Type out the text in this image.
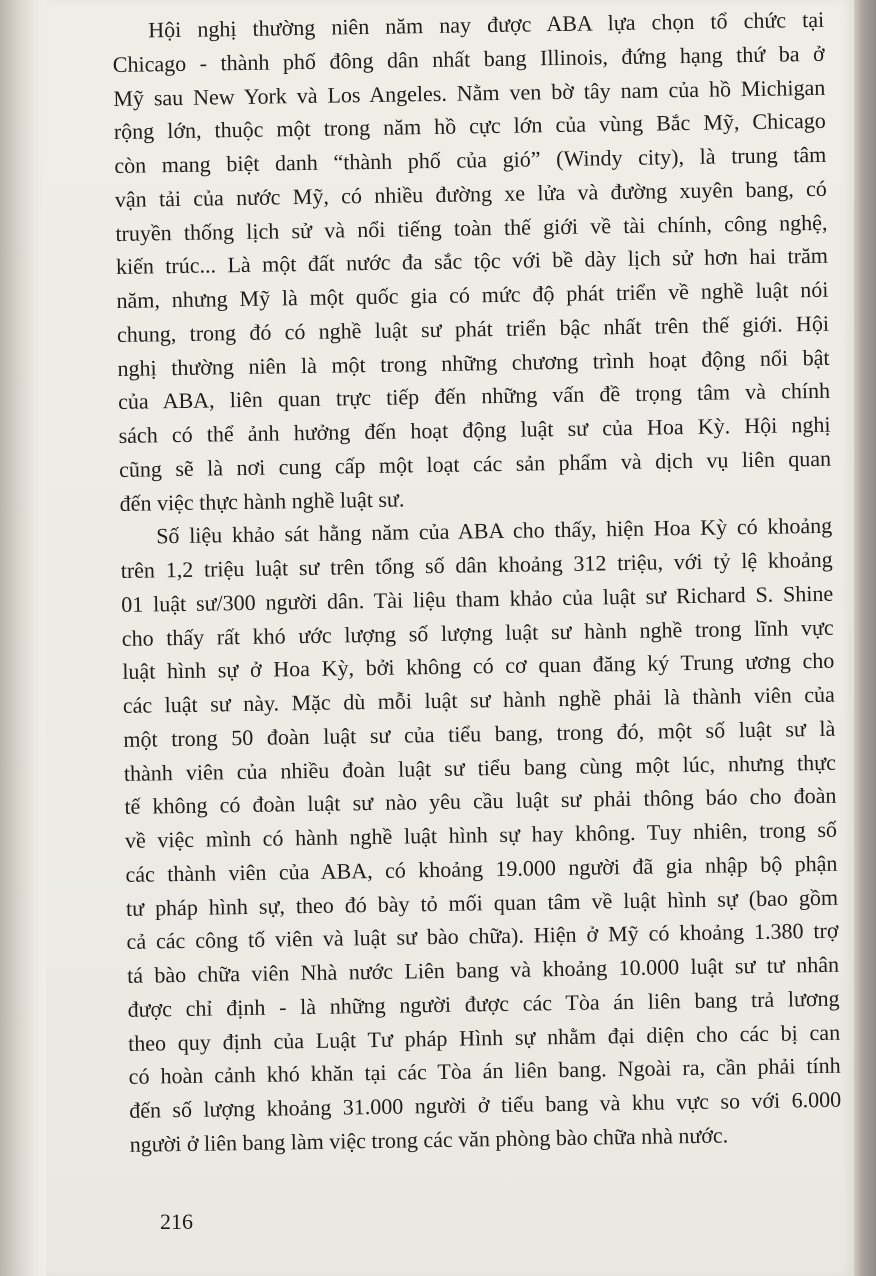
Hội nghị thường niên năm nay được ABA lựa chọn tổ chức tại
Chicago - thành phố đông dân nhất bang Illinois, đứng hạng thứ ba ở
Mỹ sau New York và Los Angeles. Nằm ven bờ tây nam của hồ Michigan
rộng lớn, thuộc một trong năm hồ cực lớn của vùng Bắc Mỹ, Chicago
còn mang biệt danh “thành phố của gió” (Windy city), là trung tâm
vận tải của nước Mỹ, có nhiều đường xe lửa và đường xuyên bang, có
truyền thống lịch sử và nổi tiếng toàn thế giới về tài chính, công nghệ,
kiến trúc... Là một đất nước đa sắc tộc với bề dày lịch sử hơn hai trăm
năm, nhưng Mỹ là một quốc gia có mức độ phát triển về nghề luật nói
chung, trong đó có nghề luật sư phát triển bậc nhất trên thế giới. Hội
nghị thường niên là một trong những chương trình hoạt động nổi bật
của ABA, liên quan trực tiếp đến những vấn đề trọng tâm và chính
sách có thể ảnh hưởng đến hoạt động luật sư của Hoa Kỳ. Hội nghị
cũng sẽ là nơi cung cấp một loạt các sản phẩm và dịch vụ liên quan
đến việc thực hành nghề luật sư.
Số liệu khảo sát hằng năm của ABA cho thấy, hiện Hoa Kỳ có khoảng
trên 1,2 triệu luật sư trên tổng số dân khoảng 312 triệu, với tỷ lệ khoảng
01 luật sư/300 người dân. Tài liệu tham khảo của luật sư Richard S. Shine
cho thấy rất khó ước lượng số lượng luật sư hành nghề trong lĩnh vực
luật hình sự ở Hoa Kỳ, bởi không có cơ quan đăng ký Trung ương cho
các luật sư này. Mặc dù mỗi luật sư hành nghề phải là thành viên của
một trong 50 đoàn luật sư của tiểu bang, trong đó, một số luật sư là
thành viên của nhiều đoàn luật sư tiểu bang cùng một lúc, nhưng thực
tế không có đoàn luật sư nào yêu cầu luật sư phải thông báo cho đoàn
về việc mình có hành nghề luật hình sự hay không. Tuy nhiên, trong số
các thành viên của ABA, có khoảng 19.000 người đã gia nhập bộ phận
tư pháp hình sự, theo đó bày tỏ mối quan tâm về luật hình sự (bao gồm
cả các công tố viên và luật sư bào chữa). Hiện ở Mỹ có khoảng 1.380 trợ
tá bào chữa viên Nhà nước Liên bang và khoảng 10.000 luật sư tư nhân
được chỉ định - là những người được các Tòa án liên bang trả lương
theo quy định của Luật Tư pháp Hình sự nhằm đại diện cho các bị can
có hoàn cảnh khó khăn tại các Tòa án liên bang. Ngoài ra, cần phải tính
đến số lượng khoảng 31.000 người ở tiểu bang và khu vực so với 6.000
người ở liên bang làm việc trong các văn phòng bào chữa nhà nước.
216
